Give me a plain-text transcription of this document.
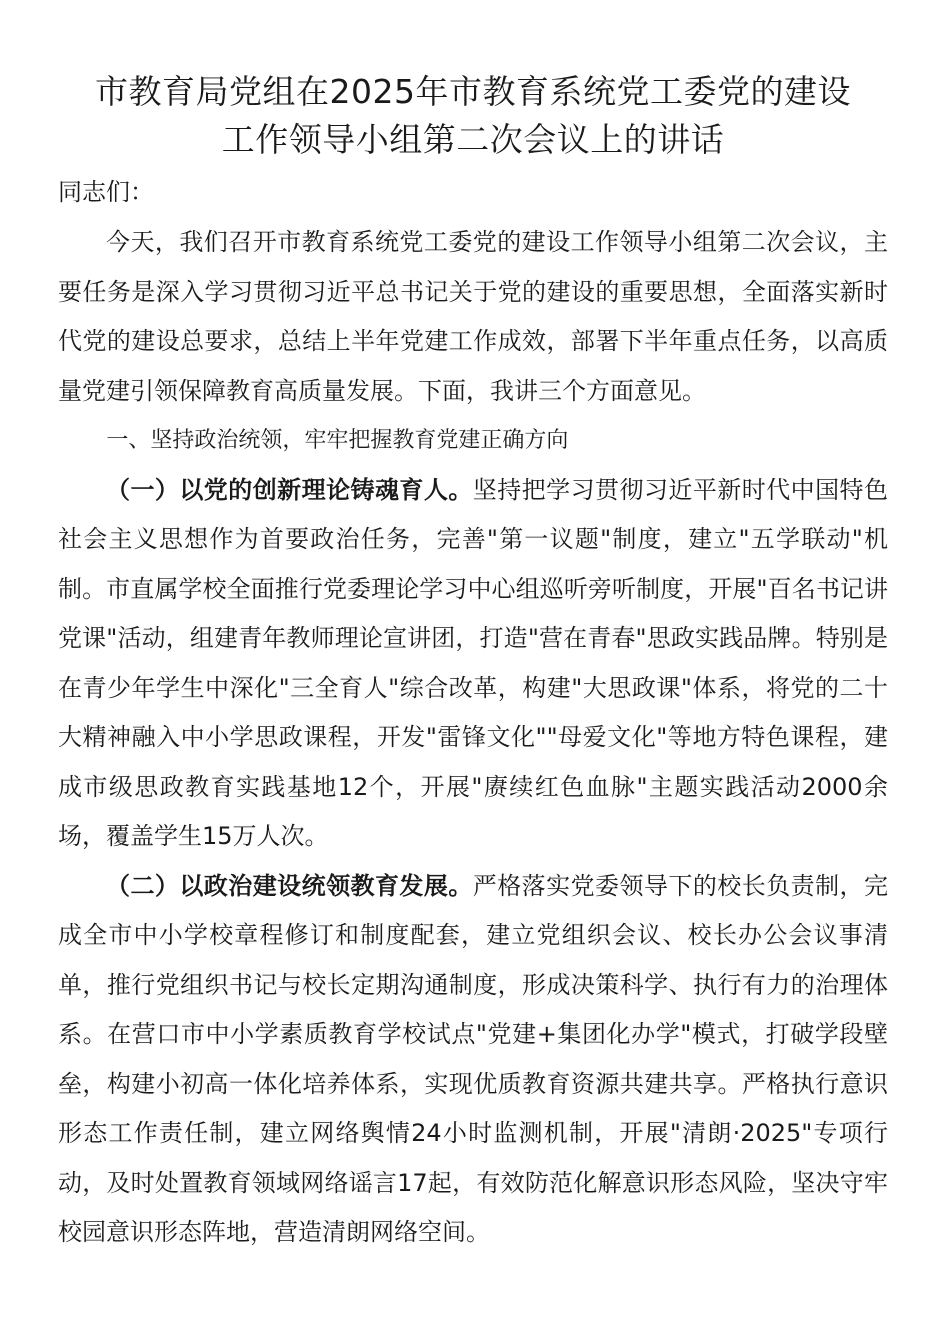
市教育局党组在2025年市教育系统党工委党的建设
工作领导小组第二次会议上的讲话

同志们：

今天，我们召开市教育系统党工委党的建设工作领导小组第二次会议，主要任务是深入学习贯彻习近平总书记关于党的建设的重要思想，全面落实新时代党的建设总要求，总结上半年党建工作成效，部署下半年重点任务，以高质量党建引领保障教育高质量发展。下面，我讲三个方面意见。

一、坚持政治统领，牢牢把握教育党建正确方向

（一）以党的创新理论铸魂育人。坚持把学习贯彻习近平新时代中国特色社会主义思想作为首要政治任务，完善"第一议题"制度，建立"五学联动"机制。市直属学校全面推行党委理论学习中心组巡听旁听制度，开展"百名书记讲党课"活动，组建青年教师理论宣讲团，打造"营在青春"思政实践品牌。特别是在青少年学生中深化"三全育人"综合改革，构建"大思政课"体系，将党的二十大精神融入中小学思政课程，开发"雷锋文化""母爱文化"等地方特色课程，建成市级思政教育实践基地12个，开展"赓续红色血脉"主题实践活动2000余场，覆盖学生15万人次。

（二）以政治建设统领教育发展。严格落实党委领导下的校长负责制，完成全市中小学校章程修订和制度配套，建立党组织会议、校长办公会议事清单，推行党组织书记与校长定期沟通制度，形成决策科学、执行有力的治理体系。在营口市中小学素质教育学校试点"党建+集团化办学"模式，打破学段壁垒，构建小初高一体化培养体系，实现优质教育资源共建共享。严格执行意识形态工作责任制，建立网络舆情24小时监测机制，开展"清朗·2025"专项行动，及时处置教育领域网络谣言17起，有效防范化解意识形态风险，坚决守牢校园意识形态阵地，营造清朗网络空间。
